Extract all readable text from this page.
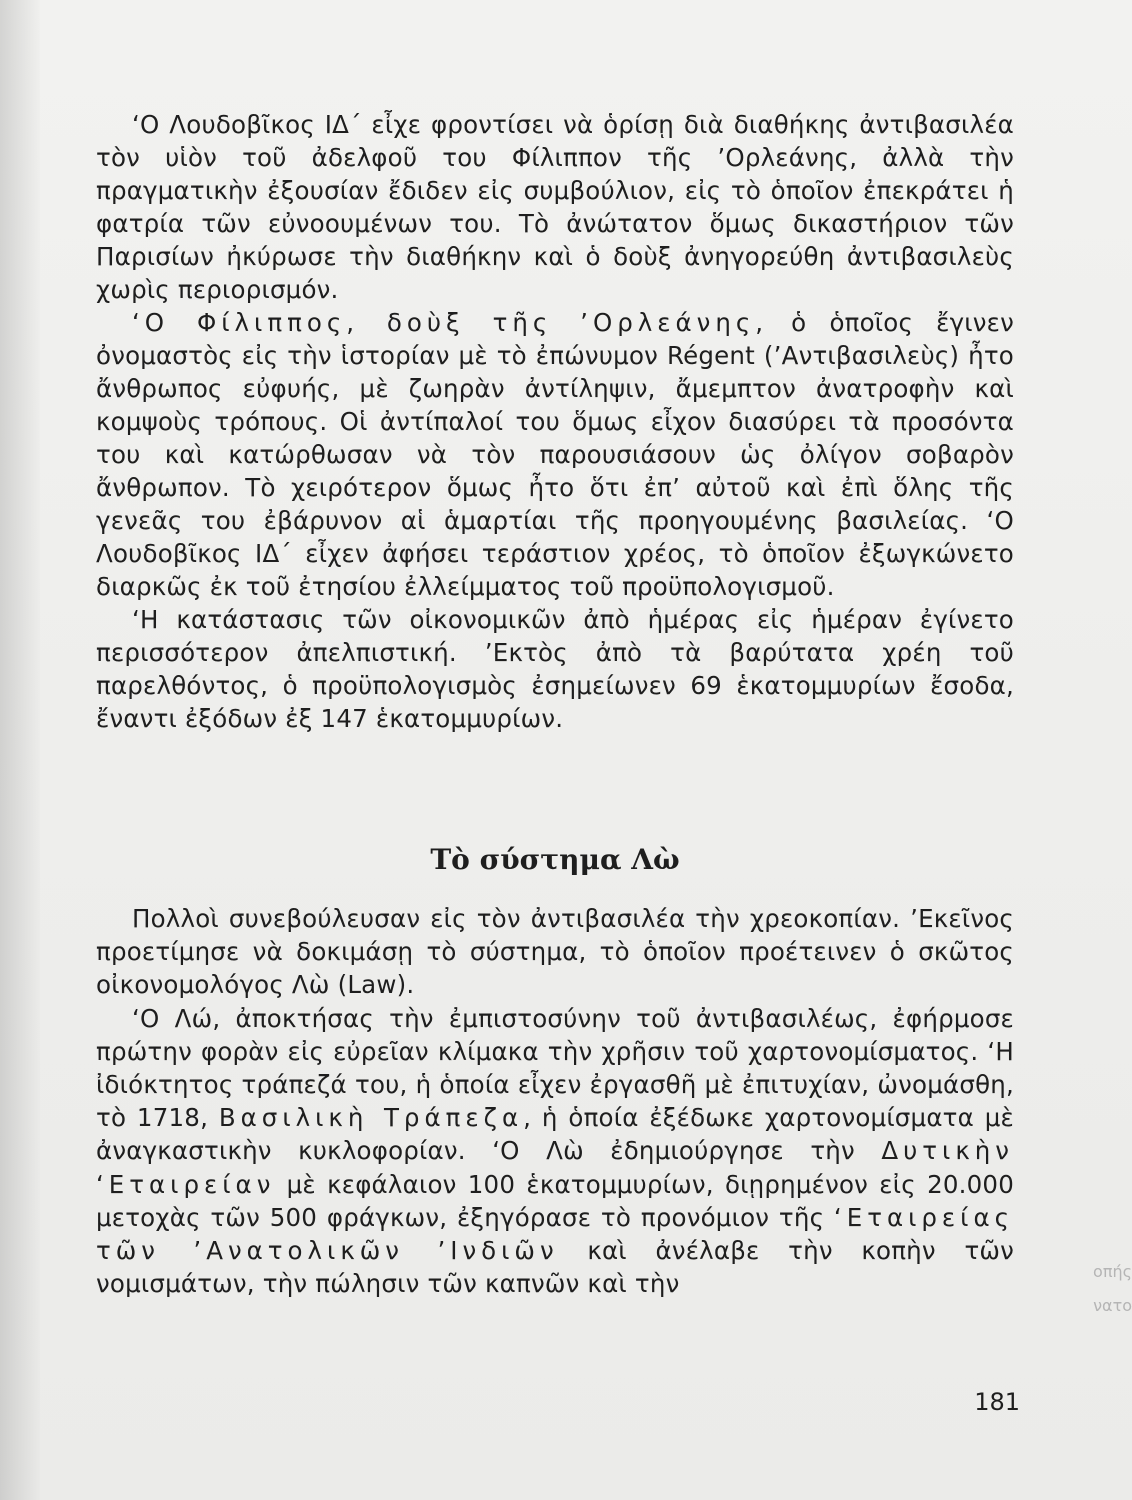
‘Ο Λουδοβῖκος ΙΔ΄ εἶχε φροντίσει νὰ ὁρίσῃ διὰ διαθήκης ἀντιβασιλέα τὸν υἱὸν τοῦ ἀδελφοῦ του Φίλιππον τῆς ’Ορλεάνης, ἀλλὰ τὴν πραγματικὴν ἐξουσίαν ἔδιδεν εἰς συμβούλιον, εἰς τὸ ὁποῖον ἐπεκράτει ἡ φατρία τῶν εὐνοουμένων του. Τὸ ἀνώτατον ὅμως δικαστήριον τῶν Παρισίων ἠκύρωσε τὴν διαθήκην καὶ ὁ δοὺξ ἀνηγορεύθη ἀντιβασιλεὺς χωρὶς περιορισμόν.

‘Ο Φίλιππος, δοὺξ τῆς ’Ορλεάνης, ὁ ὁποῖος ἔγινεν ὀνομαστὸς εἰς τὴν ἱστορίαν μὲ τὸ ἐπώνυμον Régent (’Αντιβασιλεὺς) ἦτο ἄνθρωπος εὐφυής, μὲ ζωηρὰν ἀντίληψιν, ἄμεμπτον ἀνατροφὴν καὶ κομψοὺς τρόπους. Οἱ ἀντίπαλοί του ὅμως εἶχον διασύρει τὰ προσόντα του καὶ κατώρθωσαν νὰ τὸν παρουσιάσουν ὡς ὀλίγον σοβαρὸν ἄνθρωπον. Τὸ χειρότερον ὅμως ἦτο ὅτι ἐπ’ αὐτοῦ καὶ ἐπὶ ὅλης τῆς γενεᾶς του ἐβάρυνον αἱ ἁμαρτίαι τῆς προηγουμένης βασιλείας. ‘Ο Λουδοβῖκος ΙΔ΄ εἶχεν ἀφήσει τεράστιον χρέος, τὸ ὁποῖον ἐξωγκώνετο διαρκῶς ἐκ τοῦ ἐτησίου ἐλλείμματος τοῦ προϋπολογισμοῦ.

‘Η κατάστασις τῶν οἰκονομικῶν ἀπὸ ἡμέρας εἰς ἡμέραν ἐγίνετο περισσότερον ἀπελπιστική. ’Εκτὸς ἀπὸ τὰ βαρύτατα χρέη τοῦ παρελθόντος, ὁ προϋπολογισμὸς ἐσημείωνεν 69 ἑκατομμυρίων ἔσοδα, ἔναντι ἐξόδων ἐξ 147 ἑκατομμυρίων.

Τὸ σύστημα Λὼ

Πολλοὶ συνεβούλευσαν εἰς τὸν ἀντιβασιλέα τὴν χρεοκοπίαν. ’Εκεῖνος προετίμησε νὰ δοκιμάσῃ τὸ σύστημα, τὸ ὁποῖον προέτεινεν ὁ σκῶτος οἰκονομολόγος Λὼ (Law).

‘Ο Λώ, ἀποκτήσας τὴν ἐμπιστοσύνην τοῦ ἀντιβασιλέως, ἐφήρμοσε πρώτην φορὰν εἰς εὐρεῖαν κλίμακα τὴν χρῆσιν τοῦ χαρτονομίσματος. ‘Η ἰδιόκτητος τράπεζά του, ἡ ὁποία εἶχεν ἐργασθῆ μὲ ἐπιτυχίαν, ὠνομάσθη, τὸ 1718, Βασιλικὴ Τράπεζα, ἡ ὁποία ἐξέδωκε χαρτονομίσματα μὲ ἀναγκαστικὴν κυκλοφορίαν. ‘Ο Λὼ ἐδημιούργησε τὴν Δυτικὴν ‘Εταιρείαν μὲ κεφάλαιον 100 ἑκατομμυρίων, διῃρημένον εἰς 20.000 μετοχὰς τῶν 500 φράγκων, ἐξηγόρασε τὸ προνόμιον τῆς ‘Εταιρείας τῶν ’Ανατολικῶν ’Ινδιῶν καὶ ἀνέλαβε τὴν κοπὴν τῶν νομισμάτων, τὴν πώλησιν τῶν καπνῶν καὶ τὴν	οπής
νατο
181
